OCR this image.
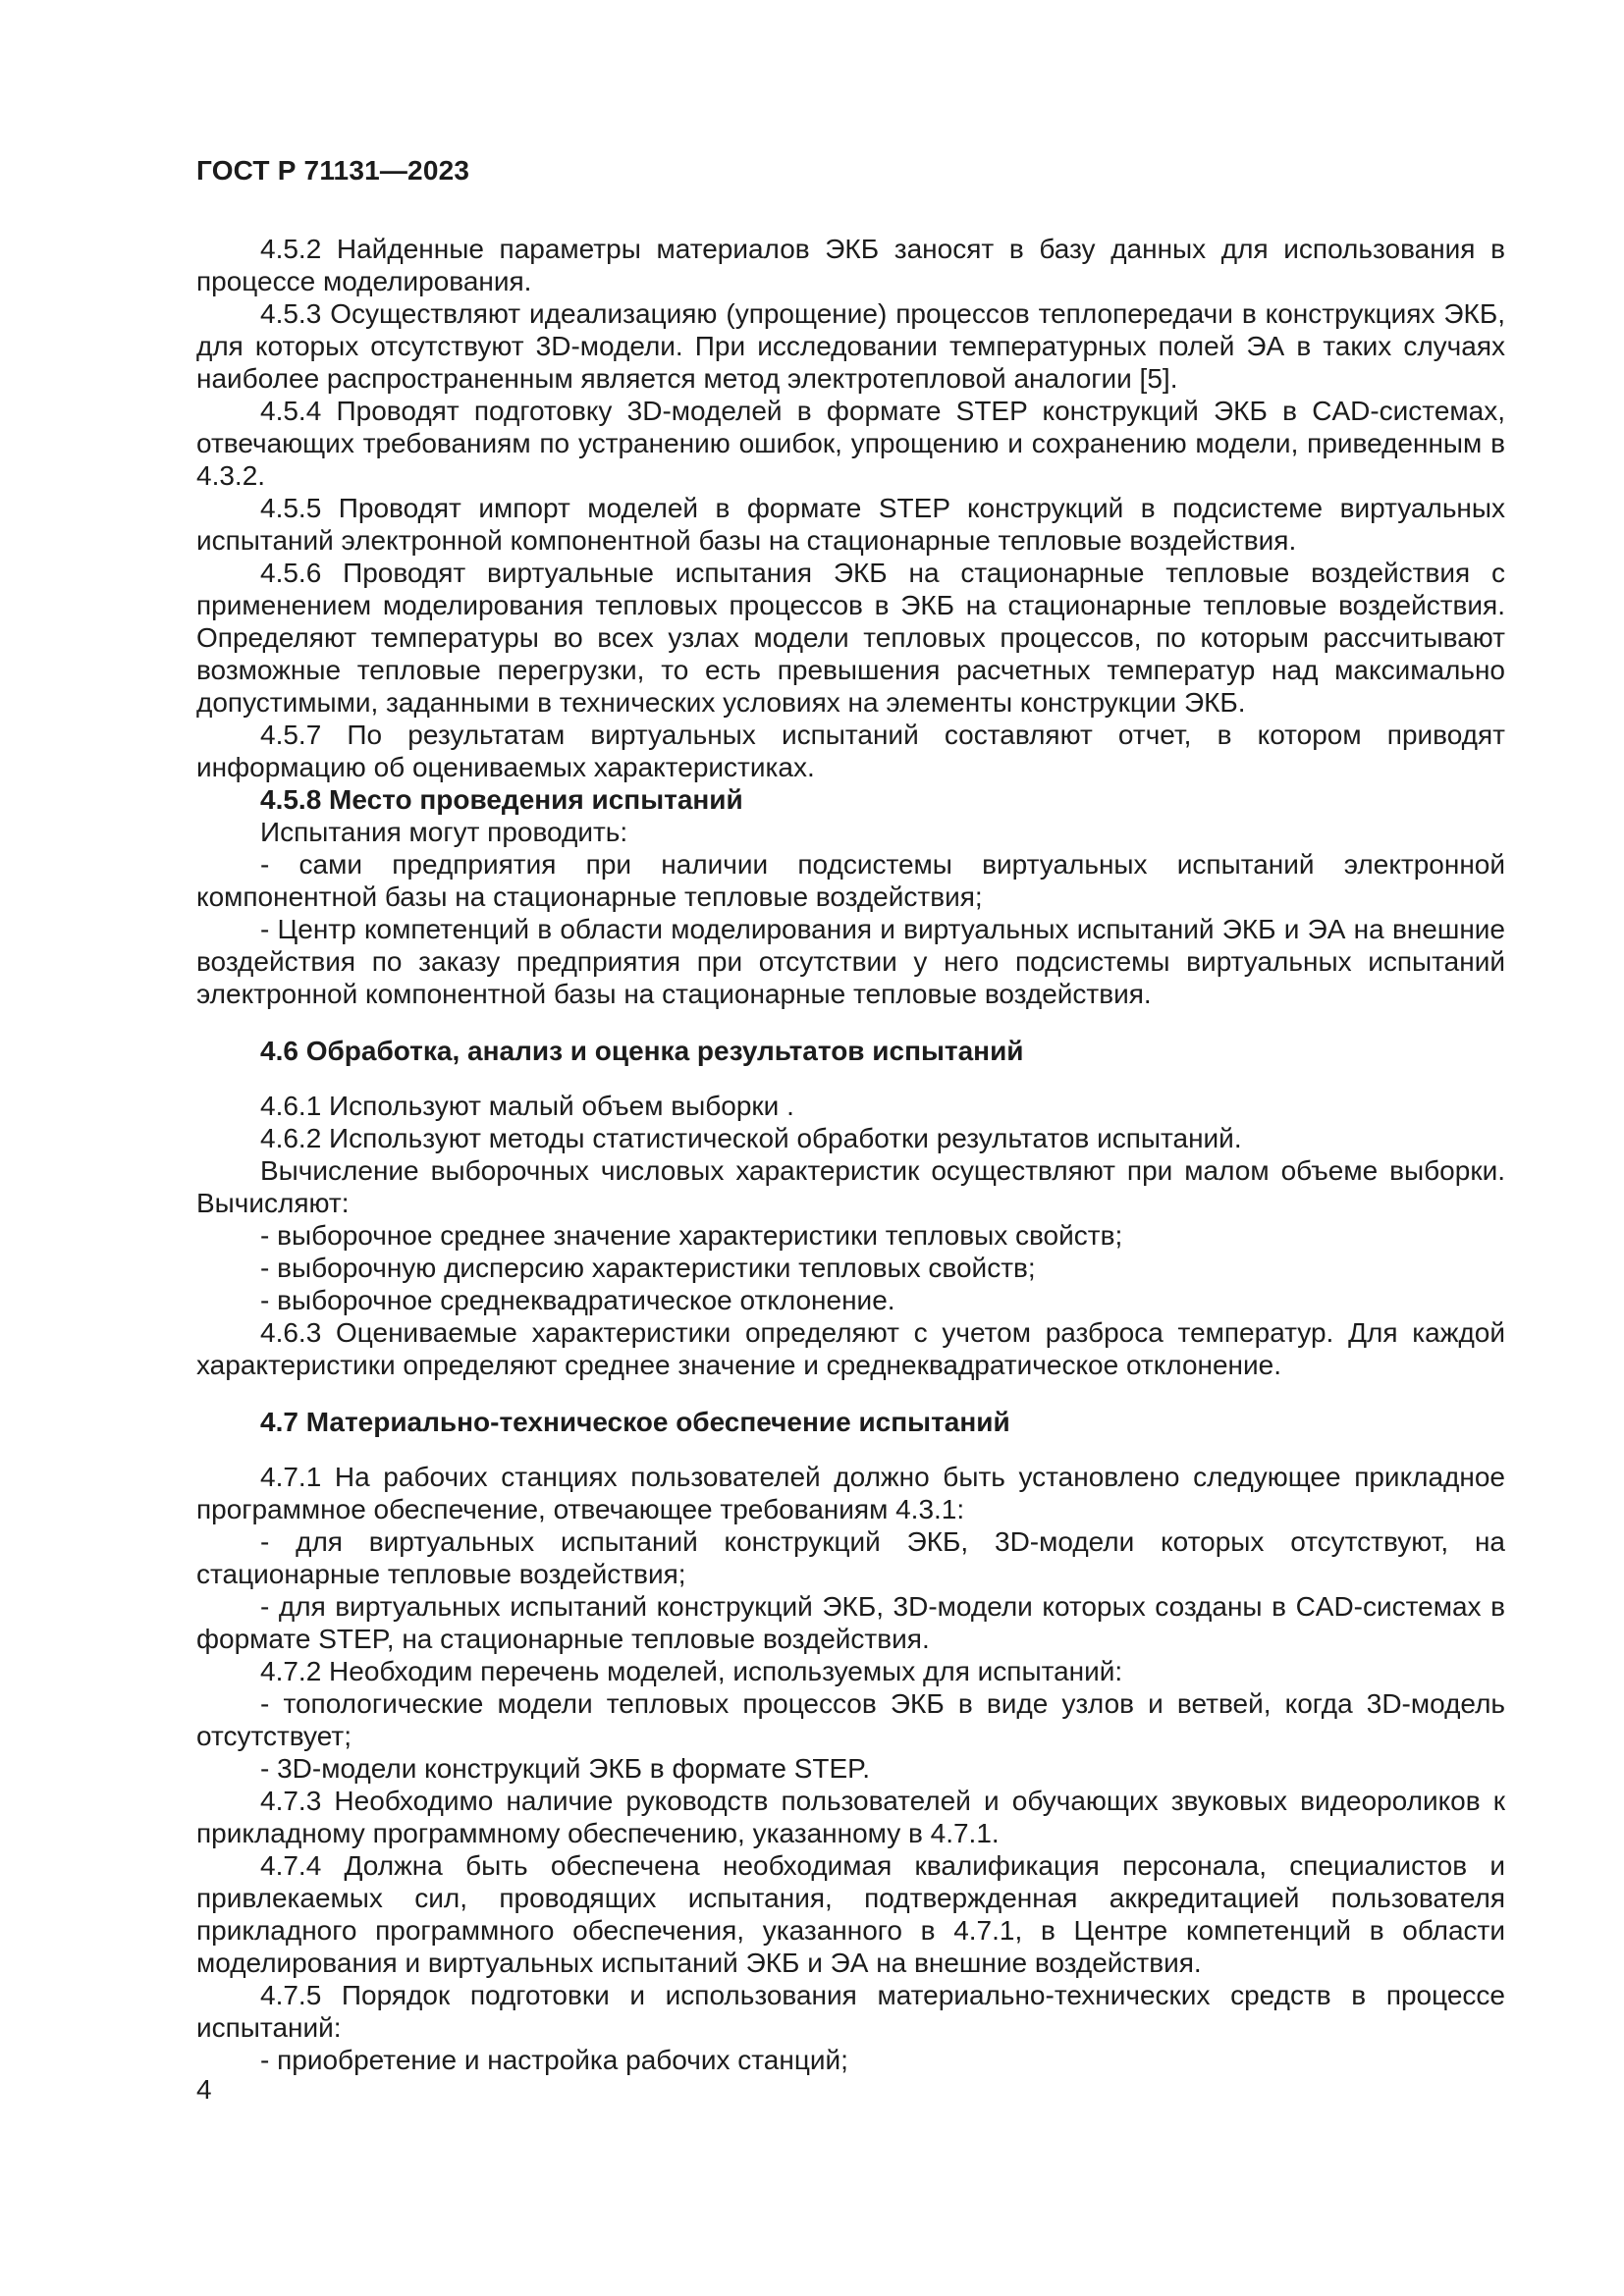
ГОСТ Р 71131—2023

4.5.2 Найденные параметры материалов ЭКБ заносят в базу данных для использования в процессе моделирования.

4.5.3 Осуществляют идеализацияю (упрощение) процессов теплопередачи в конструкциях ЭКБ, для которых отсутствуют 3D-модели. При исследовании температурных полей ЭА в таких случаях наиболее распространенным является метод электротепловой аналогии [5].

4.5.4 Проводят подготовку 3D-моделей в формате STEP конструкций ЭКБ в CAD-системах, отвечающих требованиям по устранению ошибок, упрощению и сохранению модели, приведенным в 4.3.2.

4.5.5 Проводят импорт моделей в формате STEP конструкций в подсистеме виртуальных испытаний электронной компонентной базы на стационарные тепловые воздействия.

4.5.6 Проводят виртуальные испытания ЭКБ на стационарные тепловые воздействия с применением моделирования тепловых процессов в ЭКБ на стационарные тепловые воздействия. Определяют температуры во всех узлах модели тепловых процессов, по которым рассчитывают возможные тепловые перегрузки, то есть превышения расчетных температур над максимально допустимыми, заданными в технических условиях на элементы конструкции ЭКБ.

4.5.7 По результатам виртуальных испытаний составляют отчет, в котором приводят информацию об оцениваемых характеристиках.

4.5.8 Место проведения испытаний

Испытания могут проводить:

- сами предприятия при наличии подсистемы виртуальных испытаний электронной компонентной базы на стационарные тепловые воздействия;

- Центр компетенций в области моделирования и виртуальных испытаний ЭКБ и ЭА на внешние воздействия по заказу предприятия при отсутствии у него подсистемы виртуальных испытаний электронной компонентной базы на стационарные тепловые воздействия.

4.6 Обработка, анализ и оценка результатов испытаний

4.6.1 Используют малый объем выборки .

4.6.2 Используют методы статистической обработки результатов испытаний.

Вычисление выборочных числовых характеристик осуществляют при малом объеме выборки. Вычисляют:

- выборочное среднее значение характеристики тепловых свойств;

- выборочную дисперсию характеристики тепловых свойств;

- выборочное среднеквадратическое отклонение.

4.6.3 Оцениваемые характеристики определяют с учетом разброса температур. Для каждой характеристики определяют среднее значение и среднеквадратическое отклонение.

4.7 Материально-техническое обеспечение испытаний

4.7.1 На рабочих станциях пользователей должно быть установлено следующее прикладное программное обеспечение, отвечающее требованиям 4.3.1:

- для виртуальных испытаний конструкций ЭКБ, 3D-модели которых отсутствуют, на стационарные тепловые воздействия;

- для виртуальных испытаний конструкций ЭКБ, 3D-модели которых созданы в CAD-системах в формате STEP, на стационарные тепловые воздействия.

4.7.2 Необходим перечень моделей, используемых для испытаний:

- топологические модели тепловых процессов ЭКБ в виде узлов и ветвей, когда 3D-модель отсутствует;

- 3D-модели конструкций ЭКБ в формате STEP.

4.7.3 Необходимо наличие руководств пользователей и обучающих звуковых видеороликов к прикладному программному обеспечению, указанному в 4.7.1.

4.7.4 Должна быть обеспечена необходимая квалификация персонала, специалистов и привлекаемых сил, проводящих испытания, подтвержденная аккредитацией пользователя прикладного программного обеспечения, указанного в 4.7.1, в Центре компетенций в области моделирования и виртуальных испытаний ЭКБ и ЭА на внешние воздействия.

4.7.5 Порядок подготовки и использования материально-технических средств в процессе испытаний:

- приобретение и настройка рабочих станций;

4
